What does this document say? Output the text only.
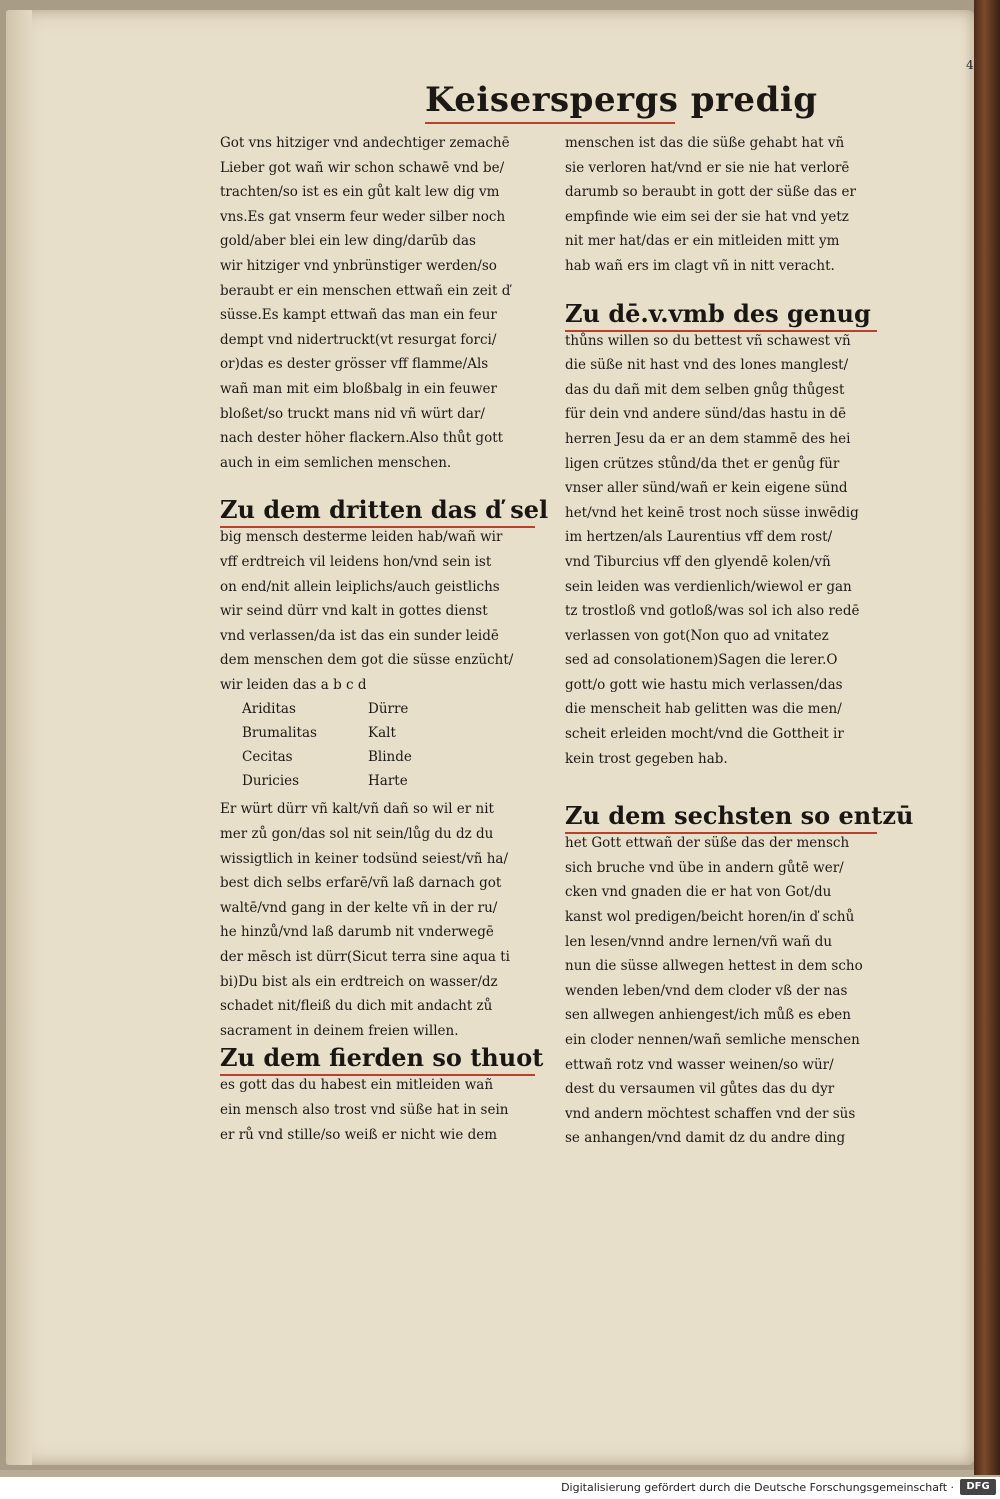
4
Keiserspergs predig
Got vns hitziger vnd andechtiger zemachē
Lieber got wañ wir schon schawē vnd be/
trachten/so ist es ein gůt kalt lew dig vm
vns.Es gat vnserm feur weder silber noch
gold/aber blei ein lew ding/darūb das
wir hitziger vnd ynbrünstiger werden/so
beraubt er ein menschen ettwañ ein zeit ď
süsse.Es kampt ettwañ das man ein feur
dempt vnd nidertruckt(vt resurgat forci/
or)das es dester grösser vff flamme/Als
wañ man mit eim bloßbalg in ein feuwer
bloßet/so truckt mans nid vñ würt dar/
nach dester höher flackern.Also thůt gott
auch in eim semlichen menschen.
Zu dem dritten das ď sel
big mensch desterme leiden hab/wañ wir
vff erdtreich vil leidens hon/vnd sein ist
on end/nit allein leiplichs/auch geistlichs
wir seind dürr vnd kalt in gottes dienst
vnd verlassen/da ist das ein sunder leidē
dem menschen dem got die süsse enzücht/
wir leiden das a b c d
Ariditas	Dürre
Brumalitas	Kalt
Cecitas	Blinde
Duricies	Harte
Er würt dürr vñ kalt/vñ dañ so wil er nit
mer zů gon/das sol nit sein/lůg du dz du
wissigtlich in keiner todsünd seiest/vñ ha/
best dich selbs erfarē/vñ laß darnach got
waltē/vnd gang in der kelte vñ in der ru/
he hinzů/vnd laß darumb nit vnderwegē
der mēsch ist dürr(Sicut terra sine aqua ti
bi)Du bist als ein erdtreich on wasser/dz
schadet nit/fleiß du dich mit andacht zů
sacrament in deinem freien willen.
Zu dem fierden so thuot
es gott das du habest ein mitleiden wañ
ein mensch also trost vnd süße hat in sein
er rů vnd stille/so weiß er nicht wie dem
menschen ist das die süße gehabt hat vñ
sie verloren hat/vnd er sie nie hat verlorē
darumb so beraubt in gott der süße das er
empfinde wie eim sei der sie hat vnd yetz
nit mer hat/das er ein mitleiden mitt ym
hab wañ ers im clagt vñ in nitt veracht.
Zu dē.v.vmb des genug
thůns willen so du bettest vñ schawest vñ
die süße nit hast vnd des lones manglest/
das du dañ mit dem selben gnůg thůgest
für dein vnd andere sünd/das hastu in dē
herren Jesu da er an dem stammē des hei
ligen crützes stůnd/da thet er genůg für
vnser aller sünd/wañ er kein eigene sünd
het/vnd het keinē trost noch süsse inwēdig
im hertzen/als Laurentius vff dem rost/
vnd Tiburcius vff den glyendē kolen/vñ
sein leiden was verdienlich/wiewol er gan
tz trostloß vnd gotloß/was sol ich also redē
verlassen von got(Non quo ad vnitatez
sed ad consolationem)Sagen die lerer.O
gott/o gott wie hastu mich verlassen/das
die menscheit hab gelitten was die men/
scheit erleiden mocht/vnd die Gottheit ir
kein trost gegeben hab.
Zu dem sechsten so entzū
het Gott ettwañ der süße das der mensch
sich bruche vnd übe in andern gůtē wer/
cken vnd gnaden die er hat von Got/du
kanst wol predigen/beicht horen/in ď schů
len lesen/vnnd andre lernen/vñ wañ du
nun die süsse allwegen hettest in dem scho
wenden leben/vnd dem cloder vß der nas
sen allwegen anhiengest/ich můß es eben
ein cloder nennen/wañ semliche menschen
ettwañ rotz vnd wasser weinen/so wür/
dest du versaumen vil gůtes das du dyr
vnd andern möchtest schaffen vnd der süs
se anhangen/vnd damit dz du andre ding
Digitalisierung gefördert durch die Deutsche Forschungsgemeinschaft ·	DFG
